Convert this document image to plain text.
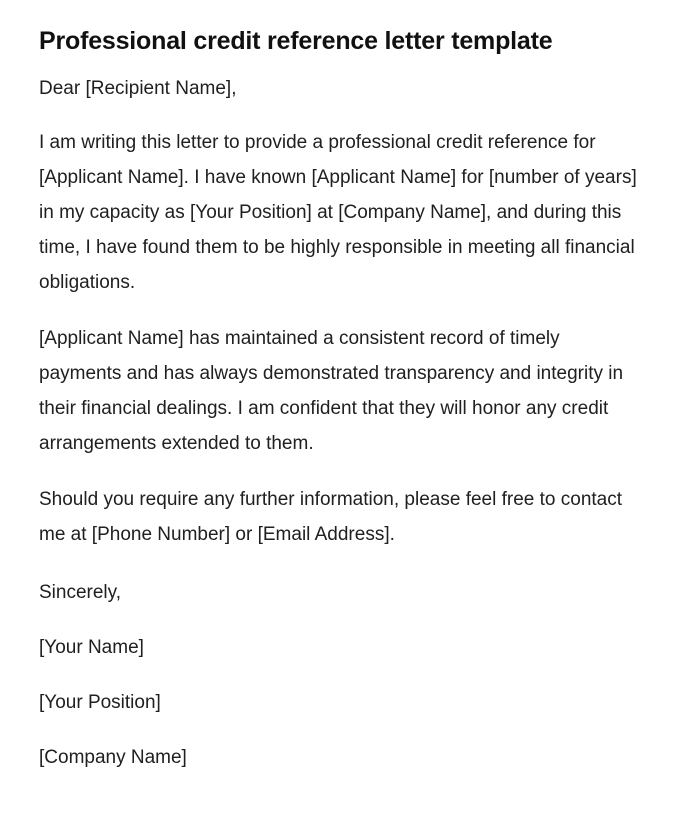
Professional credit reference letter template

Dear [Recipient Name],

I am writing this letter to provide a professional credit reference for [Applicant Name]. I have known [Applicant Name] for [number of years] in my capacity as [Your Position] at [Company Name], and during this time, I have found them to be highly responsible in meeting all financial obligations.

[Applicant Name] has maintained a consistent record of timely payments and has always demonstrated transparency and integrity in their financial dealings. I am confident that they will honor any credit arrangements extended to them.

Should you require any further information, please feel free to contact me at [Phone Number] or [Email Address].

Sincerely,

[Your Name]

[Your Position]

[Company Name]
